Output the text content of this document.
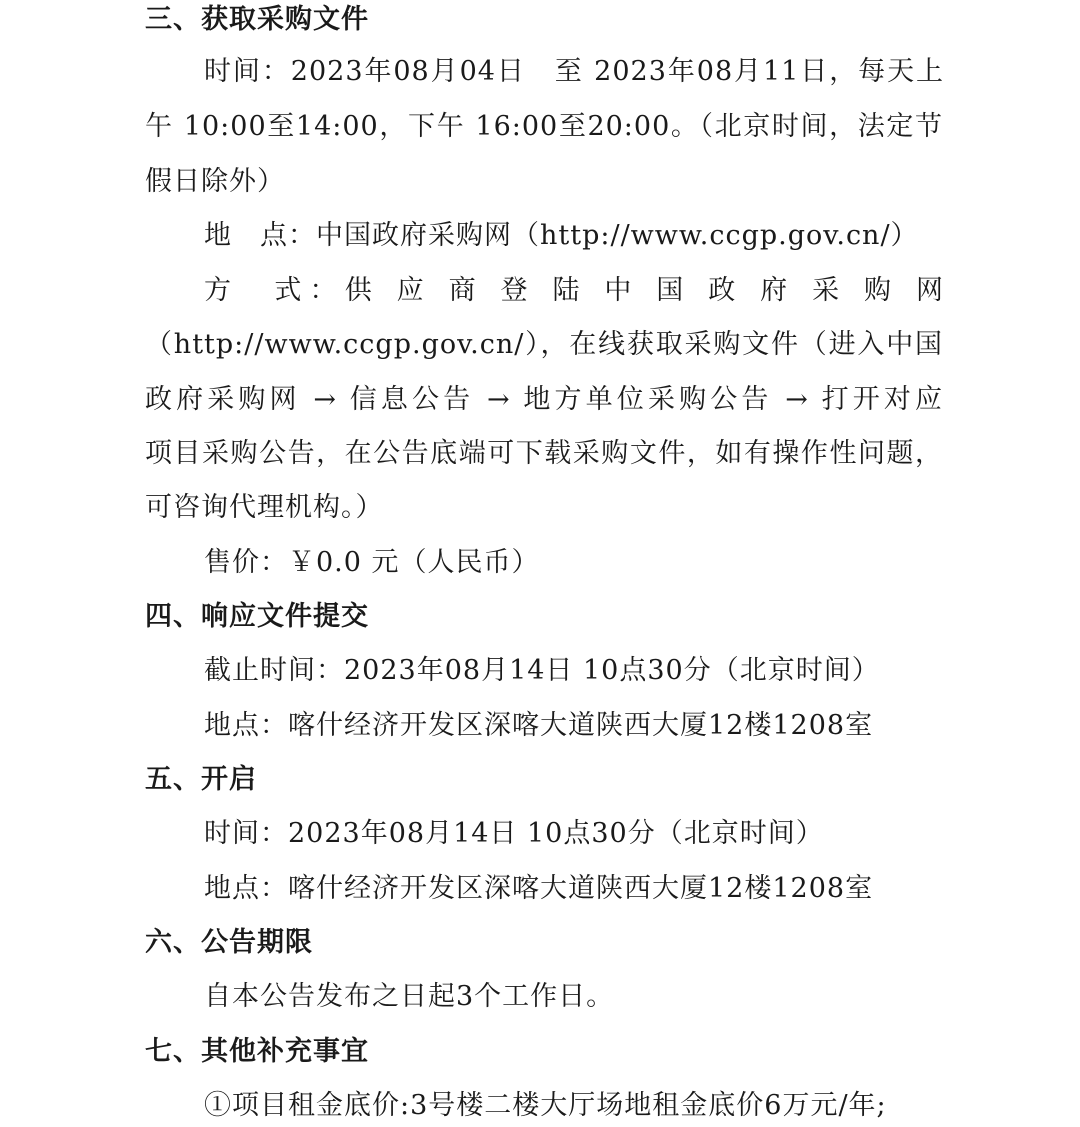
三、获取采购文件
时间：2023年08月04日　至 2023年08月11日，每天上
午 10:00至14:00，下午 16:00至20:00。（北京时间，法定节
假日除外）
地　点：中国政府采购网（http://www.ccgp.gov.cn/）
方　式：供 应 商 登 陆 中 国 政 府 采 购 网
（http://www.ccgp.gov.cn/），在线获取采购文件（进入中国
政府采购网 → 信息公告 → 地方单位采购公告 → 打开对应
项目采购公告，在公告底端可下载采购文件，如有操作性问题，
可咨询代理机构。）
售价：￥0.0 元（人民币）
四、响应文件提交
截止时间：2023年08月14日 10点30分（北京时间）
地点：喀什经济开发区深喀大道陕西大厦12楼1208室
五、开启
时间：2023年08月14日 10点30分（北京时间）
地点：喀什经济开发区深喀大道陕西大厦12楼1208室
六、公告期限
自本公告发布之日起3个工作日。
七、其他补充事宜
①项目租金底价:3号楼二楼大厅场地租金底价6万元/年;
